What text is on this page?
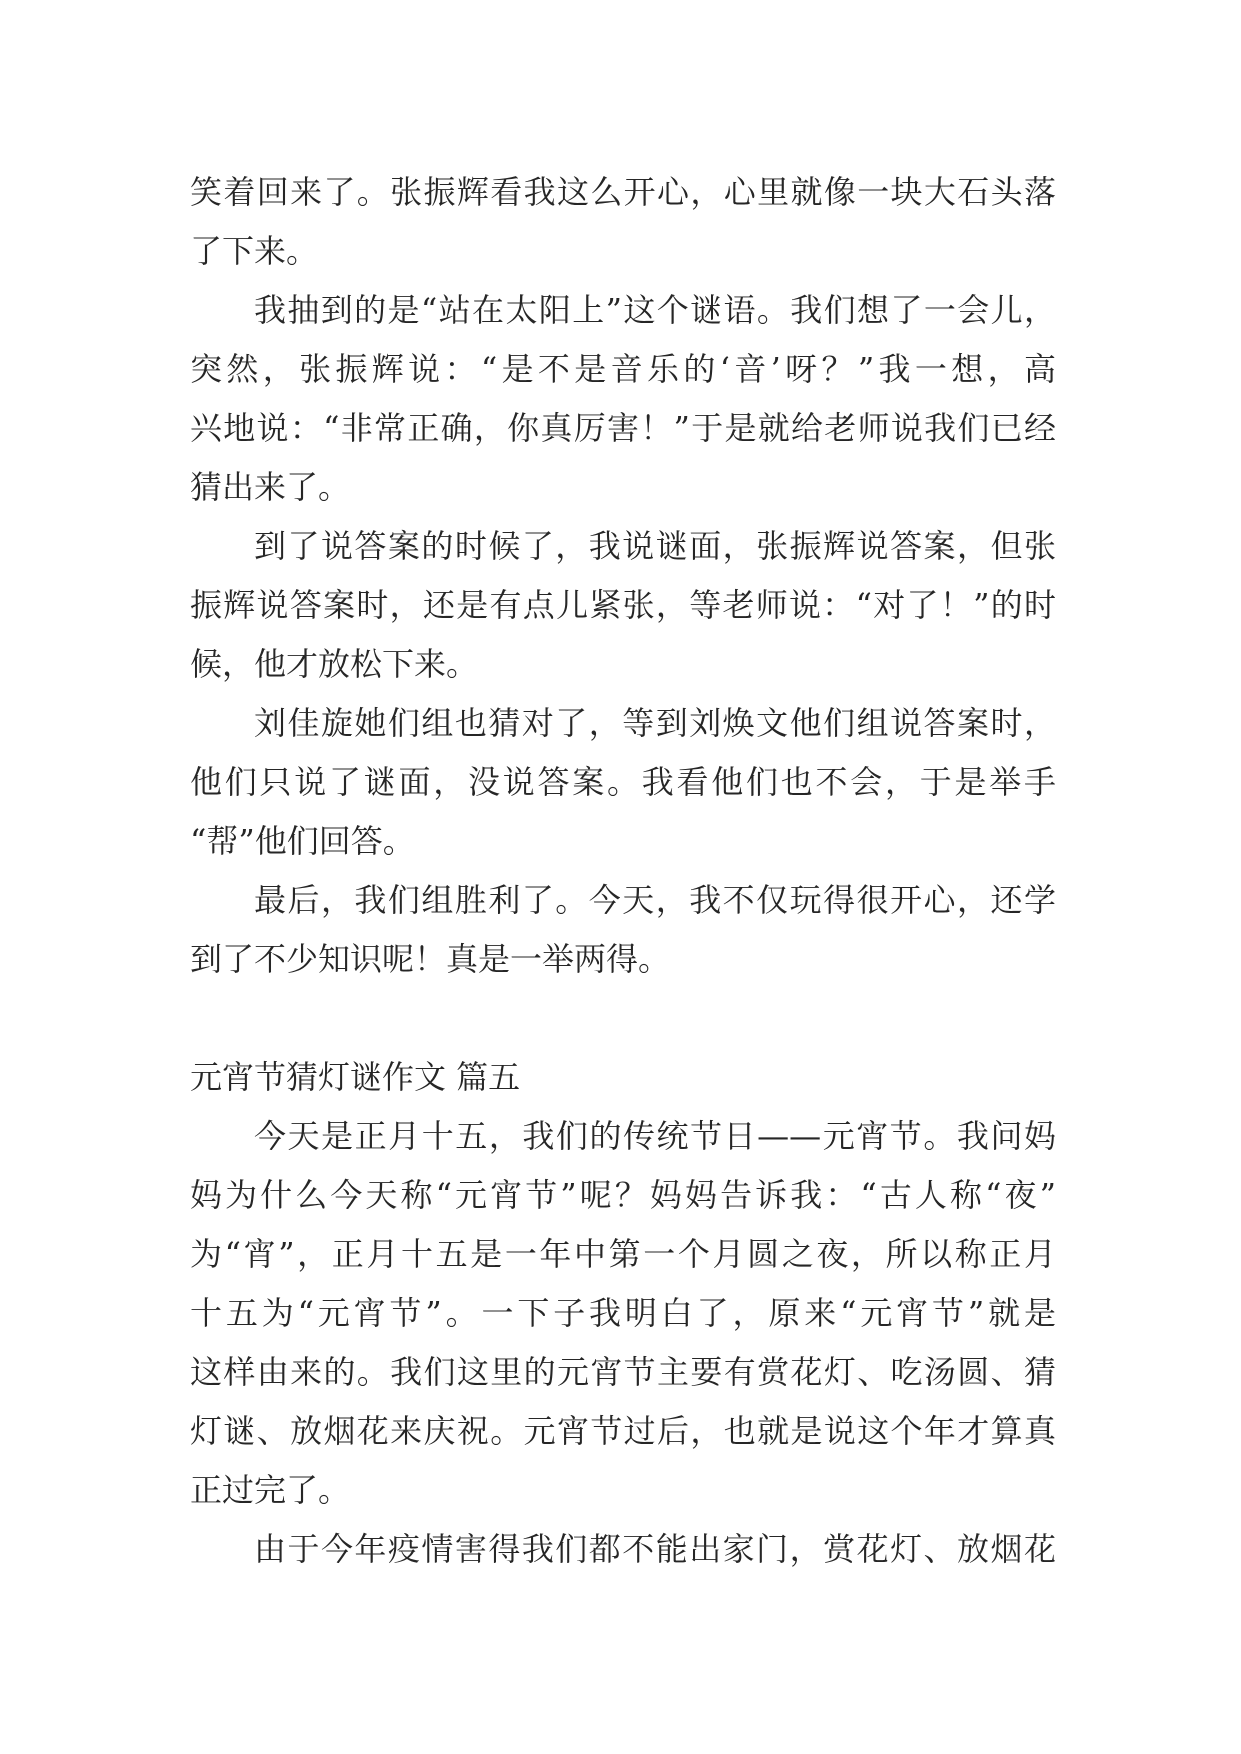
笑着回来了。张振辉看我这么开心，心里就像一块大石头落
了下来。
我抽到的是“站在太阳上”这个谜语。我们想了一会儿，
突然，张振辉说：“是不是音乐的‘音’呀？”我一想，高
兴地说：“非常正确，你真厉害！”于是就给老师说我们已经
猜出来了。
到了说答案的时候了，我说谜面，张振辉说答案，但张
振辉说答案时，还是有点儿紧张，等老师说：“对了！”的时
候，他才放松下来。
刘佳旋她们组也猜对了，等到刘焕文他们组说答案时，
他们只说了谜面，没说答案。我看他们也不会，于是举手
“帮”他们回答。
最后，我们组胜利了。今天，我不仅玩得很开心，还学
到了不少知识呢！真是一举两得。
元宵节猜灯谜作文 篇五
今天是正月十五，我们的传统节日——元宵节。我问妈
妈为什么今天称“元宵节”呢？妈妈告诉我：“古人称“夜”
为“宵”，正月十五是一年中第一个月圆之夜，所以称正月
十五为“元宵节”。一下子我明白了，原来“元宵节”就是
这样由来的。我们这里的元宵节主要有赏花灯、吃汤圆、猜
灯谜、放烟花来庆祝。元宵节过后，也就是说这个年才算真
正过完了。
由于今年疫情害得我们都不能出家门，赏花灯、放烟花
